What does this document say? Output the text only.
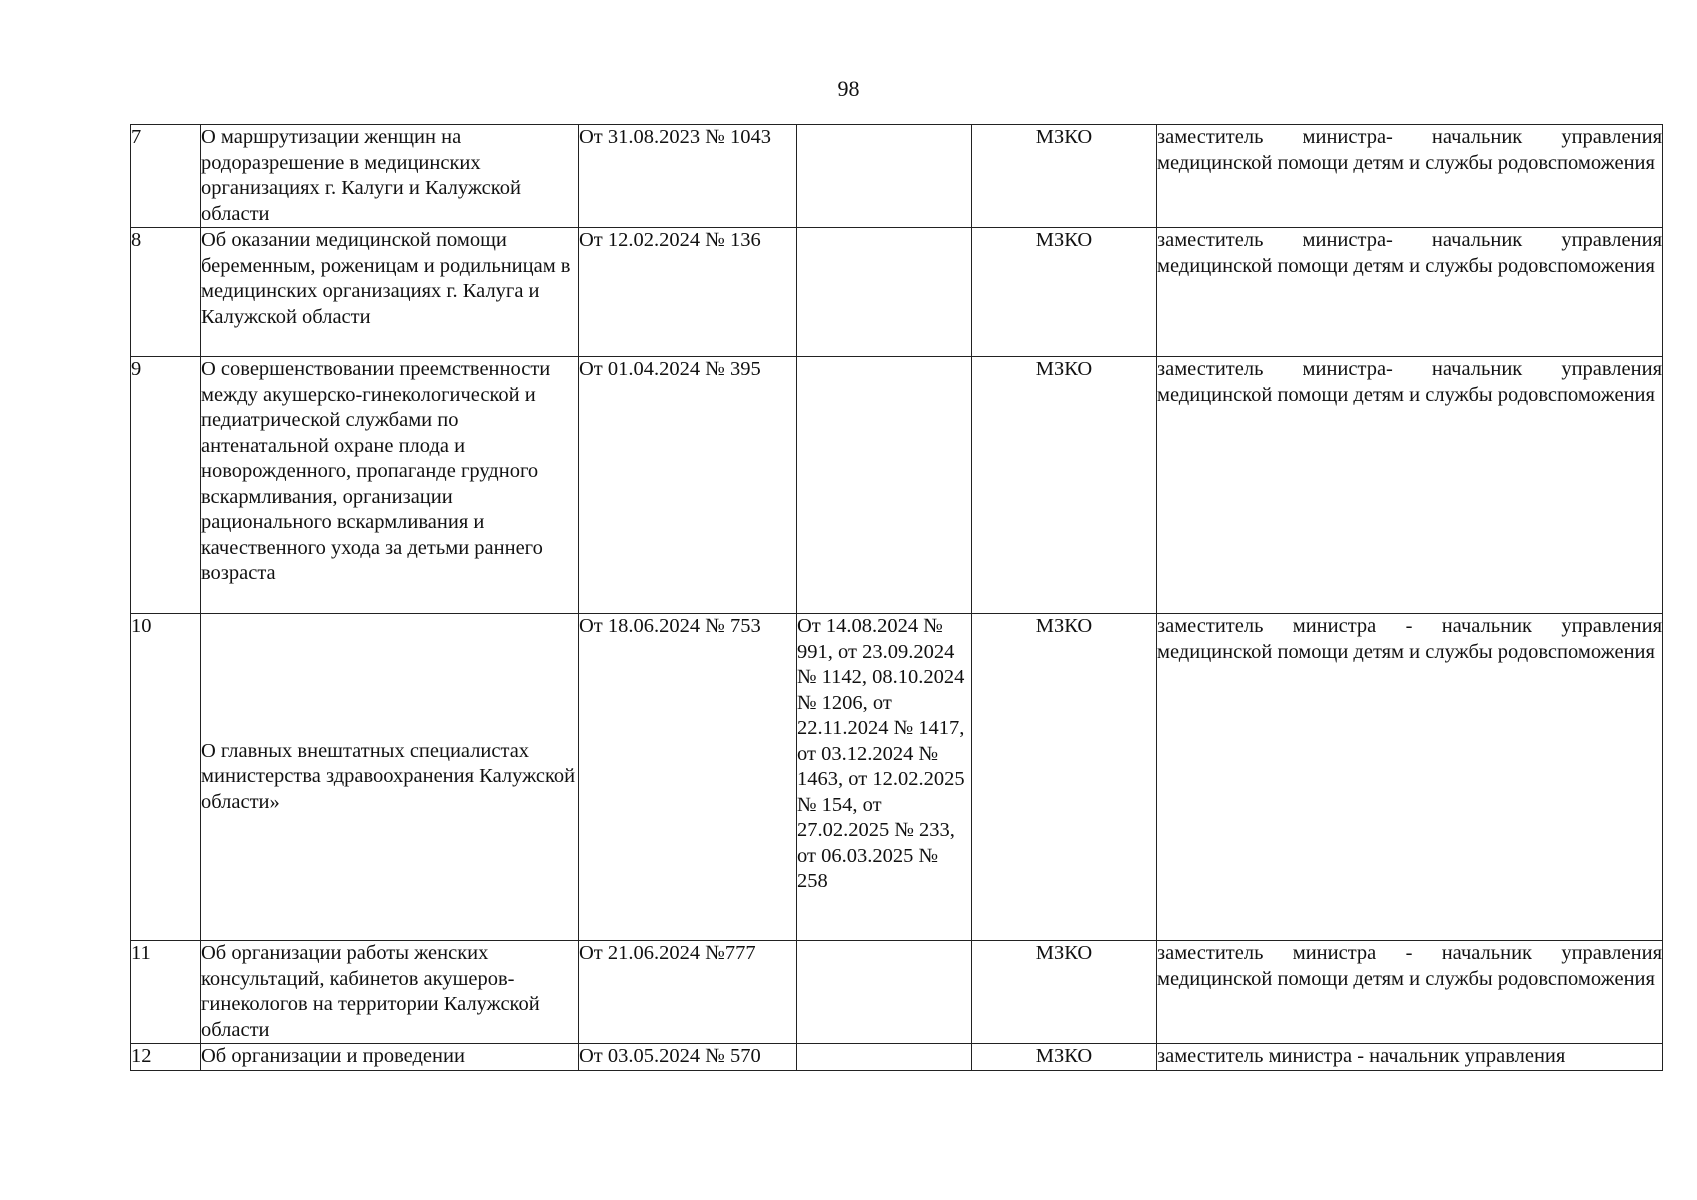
98
7	О маршрутизации женщин на родоразрешение в медицинских организациях г. Калуги и Калужской области	От 31.08.2023 № 1043		МЗКО	заместитель министра- начальник управления медицинской помощи детям и службы родовспоможения
8	Об оказании медицинской помощи беременным, роженицам и родильницам в медицинских организациях г. Калуга и Калужской области	От 12.02.2024 № 136		МЗКО	заместитель министра- начальник управления медицинской помощи детям и службы родовспоможения
9	О совершенствовании преемственности между акушерско-гинекологической и педиатрической службами по антенатальной охране плода и новорожденного, пропаганде грудного вскармливания, организации рационального вскармливания и качественного ухода за детьми раннего возраста	От 01.04.2024 № 395		МЗКО	заместитель министра- начальник управления медицинской помощи детям и службы родовспоможения
10	О главных внештатных специалистах министерства здравоохранения Калужской области»	От 18.06.2024 № 753	От 14.08.2024 № 991, от 23.09.2024 № 1142, 08.10.2024 № 1206, от 22.11.2024 № 1417, от 03.12.2024 № 1463, от 12.02.2025 № 154, от 27.02.2025 № 233, от 06.03.2025 № 258	МЗКО	заместитель министра - начальник управления медицинской помощи детям и службы родовспоможения
11	Об организации работы женских консультаций, кабинетов акушеров-гинекологов на территории Калужской области	От 21.06.2024 №777		МЗКО	заместитель министра - начальник управления медицинской помощи детям и службы родовспоможения
12	Об организации и проведении	От 03.05.2024 № 570		МЗКО	заместитель министра - начальник управления
